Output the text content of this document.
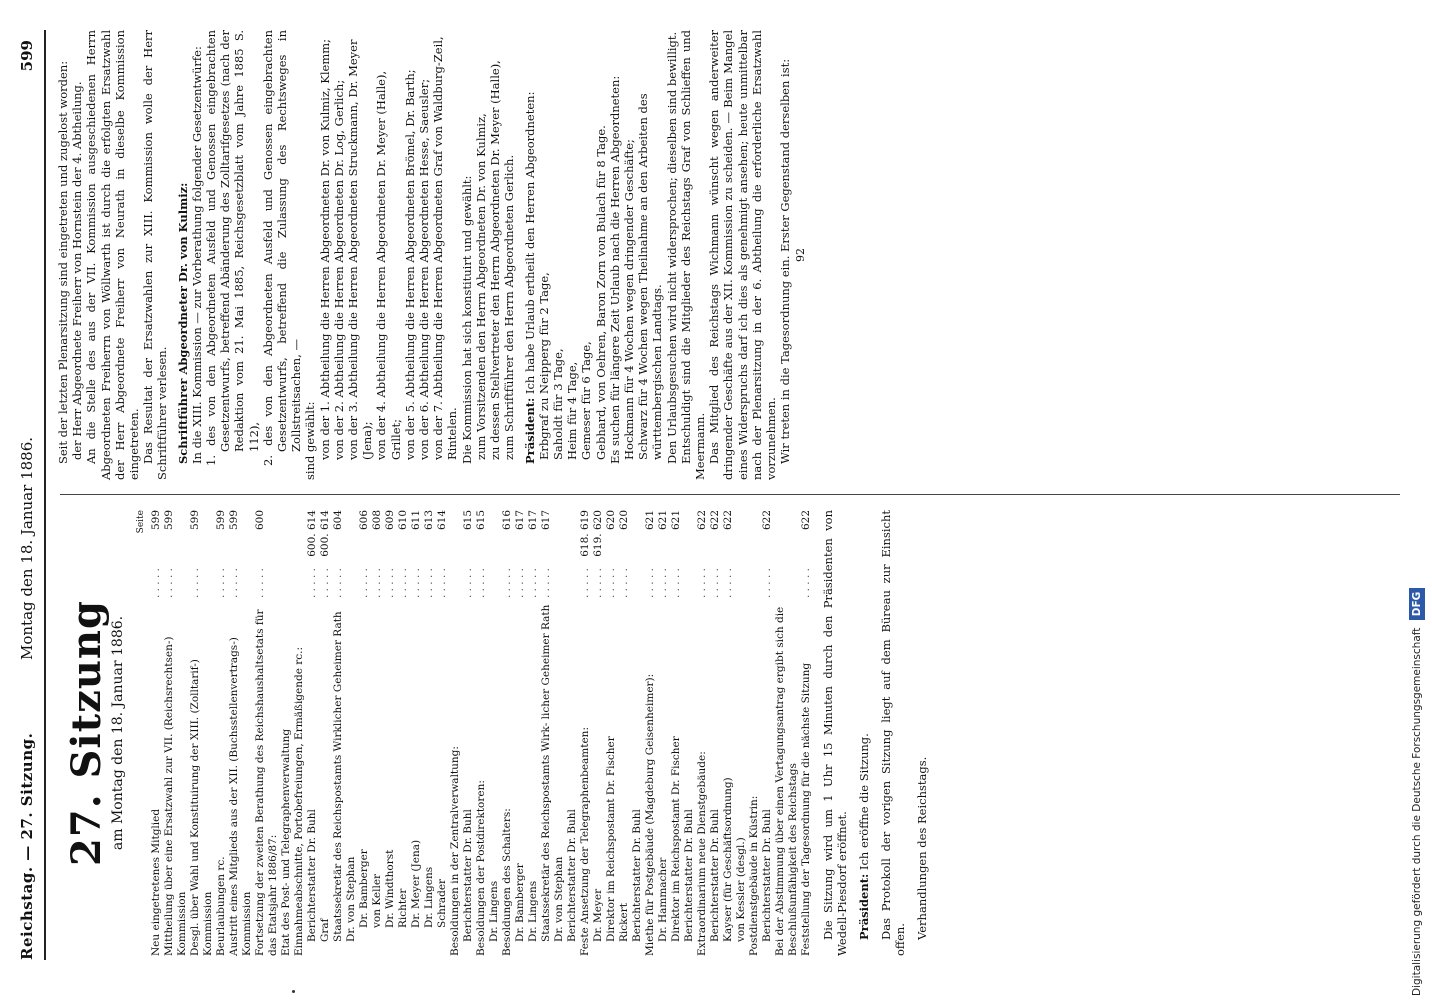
Reichstag. — 27. Sitzung.
Montag den 18. Januar 1886.
599
27. Sitzung am Montag den 18. Januar 1886.
Seite
Neu eingetretenes Mitglied
. . . . .
599
Mittheilung über eine Ersatzwahl zur VII. (Reichsrechtsen-) Kommission
. . . . .
599
Desgl. über Wahl und Konstituirung der XIII. (Zolltarif-) Kommission
. . . . .
599
Beurlaubungen rc.
. . . . .
599
Austritt eines Mitglieds aus der XII. (Buchsstellenvertrags-) Kommission
. . . . .
599
Fortsetzung der zweiten Berathung des Reichshaushaltsetats für das Etatsjahr 1886/87:
. . . . .
600
Etat des Post- und Telegraphenverwaltung Einnahmeabschnitte, Portobefreiungen, Ermäßigende rc.: Berichterstatter Dr. Buhl
. . . . .
600. 614
Graf
. . . . .
600. 614
Staatssekretär des Reichspostamts Wirklicher Geheimer Rath Dr. von Stephan
. . . . .
604
Dr. Bamberger
. . . . .
606
von Keller
. . . . .
608
Dr. Windthorst
. . . . .
609
Richter
. . . . .
610
Dr. Meyer (Jena)
. . . . .
611
Dr. Lingens
. . . . .
613
Schrader
. . . . .
614
Besoldungen in der Zentralverwaltung: Berichterstatter Dr. Buhl
. . . . .
615
Besoldungen der Postdirektoren:
. . . . .
615
Dr. Lingens Besoldungen des Schalters:
. . . . .
616
Dr. Bamberger
. . . . .
617
Dr. Lingens
. . . . .
617
Staatssekretär des Reichspostamts Wirk- licher Geheimer Rath Dr. von Stephan
. . . . .
617
Berichterstatter Dr. Buhl Feste Ansetzung der Telegraphenbeamten:
. . . . .
618. 619
Dr. Meyer
. . . . .
619. 620
Direktor im Reichspostamt Dr. Fischer
. . . . .
620
Rickert
. . . . .
620
Berichterstatter Dr. Buhl Miethe für Postgebäude (Magdeburg Geisenheimer):
. . . . .
621
Dr. Hammacher
. . . . .
621
Direktor im Reichspostamt Dr. Fischer
. . . . .
621
Berichterstatter Dr. Buhl Extraordinarium neue Dienstgebäude:
. . . . .
622
Berichterstatter Dr. Buhl
. . . . .
622
Kayser (für Geschäftsordnung)
. . . . .
622
von Kessler (desgl.) Postdienstgebäude in Küstrin: Berichterstatter Dr. Buhl
. . . . .
622
Bei der Abstimmung über einen Vertagungsantrag ergibt sich die Beschlußunfähigkeit des Reichstags Feststellung der Tagesordnung für die nächste Sitzung
. . . . .
622 Die Sitzung wird um 1 Uhr 15 Minuten durch den Präsidenten von Wedell-Piesdorf eröffnet. Präsident: Ich eröffne die Sitzung. Das Protokoll der vorigen Sitzung liegt auf dem Büreau zur Einsicht offen. Verhandlungen des Reichstags.

Seit der letzten Plenarsitzung sind eingetreten und zugelost worden: der Herr Abgeordnete Freiherr von Hornstein der 4. Abtheilung. An die Stelle des aus der VII. Kommission ausgeschiedenen Herrn Abgeordneten Freiherrn von Wöllwarth ist durch die erfolgten Ersatzwahl der Herr Abgeordnete Freiherr von Neurath in dieselbe Kommission eingetreten. Das Resultat der Ersatzwahlen zur XIII. Kommission wolle der Herr Schriftführer verlesen. Schriftführer Abgeordneter Dr. von Kulmiz: In die XIII. Kommission — zur Vorberathung folgender Gesetzentwürfe: 1. des von den Abgeordneten Ausfeld und Genossen eingebrachten Gesetzentwurfs, betreffend Abänderung des Zolltarifgesetzes (nach der Redaktion vom 21. Mai 1885, Reichsgesetzblatt vom Jahre 1885 S. 112), 2. des von den Abgeordneten Ausfeld und Genossen eingebrachten Gesetzentwurfs, betreffend die Zulassung des Rechtsweges in Zollstreitsachen, — sind gewählt: von der 1. Abtheilung die Herren Abgeordneten Dr. von Kulmiz, Klemm; von der 2. Abtheilung die Herren Abgeordneten Dr. Log, Gerlich; von der 3. Abtheilung die Herren Abgeordneten Struckmann, Dr. Meyer (Jena); von der 4. Abtheilung die Herren Abgeordneten Dr. Meyer (Halle), Grillet; von der 5. Abtheilung die Herren Abgeordneten Brömel, Dr. Barth; von der 6. Abtheilung die Herren Abgeordneten Hesse, Saeusler; von der 7. Abtheilung die Herren Abgeordneten Graf von Waldburg-Zeil, Rintelen. Die Kommission hat sich konstituirt und gewählt: zum Vorsitzenden den Herrn Abgeordneten Dr. von Kulmiz, zu dessen Stellvertreter den Herrn Abgeordneten Dr. Meyer (Halle), zum Schriftführer den Herrn Abgeordneten Gerlich. Präsident: Ich habe Urlaub ertheilt den Herren Abgeordneten: Erbgraf zu Neipperg für 2 Tage, Saholdt für 3 Tage, Heim für 4 Tage, Gemeser für 6 Tage, Gebhard, von Oehren, Baron Zorn von Bulach für 8 Tage. Es suchen für längere Zeit Urlaub nach die Herren Abgeordneten: Hockmann für 4 Wochen wegen dringender Geschäfte; Schwarz für 4 Wochen wegen Theilnahme an den Arbeiten des württembergischen Landtags. Den Urlaubsgesuchen wird nicht widersprochen; dieselben sind bewilligt. Entschuldigt sind die Mitglieder des Reichstags Graf von Schlieffen und Meermann. Das Mitglied des Reichstags Wichmann wünscht wegen anderweiter dringender Geschäfte aus der XII. Kommission zu scheiden. — Beim Mangel eines Widerspruchs darf ich dies als genehmigt ansehen; heute unmittelbar nach der Plenarsitzung in der 6. Abtheilung die erforderliche Ersatzwahl vorzunehmen. Wir treten in die Tagesordnung ein. Erster Gegenstand derselben ist: 92
Digitalisierung gefördert durch die Deutsche Forschungsgemeinschaft DFG
